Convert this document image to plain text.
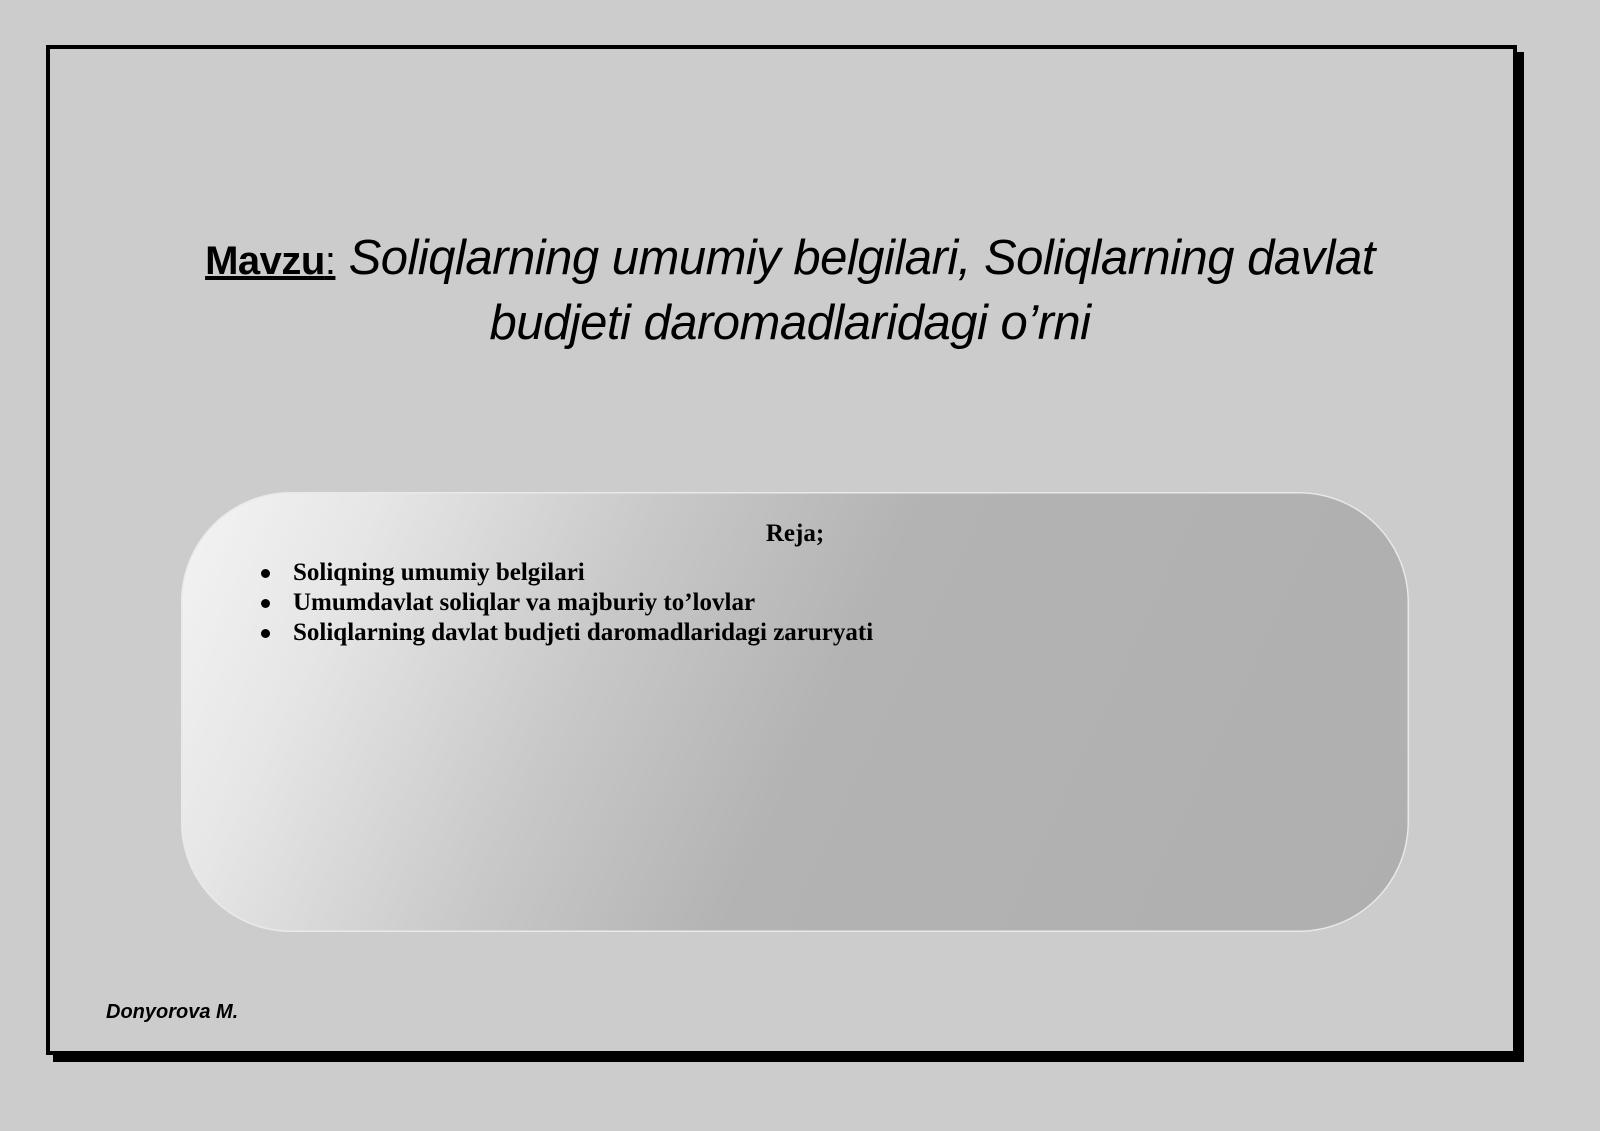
Mavzu: Soliqlarning umumiy belgilari, Soliqlarning davlat
budjeti daromadlaridagi o’rni
Reja;
Soliqning umumiy belgilari
Umumdavlat soliqlar va majburiy to’lovlar
Soliqlarning davlat budjeti daromadlaridagi zaruryati
Donyorova M.
